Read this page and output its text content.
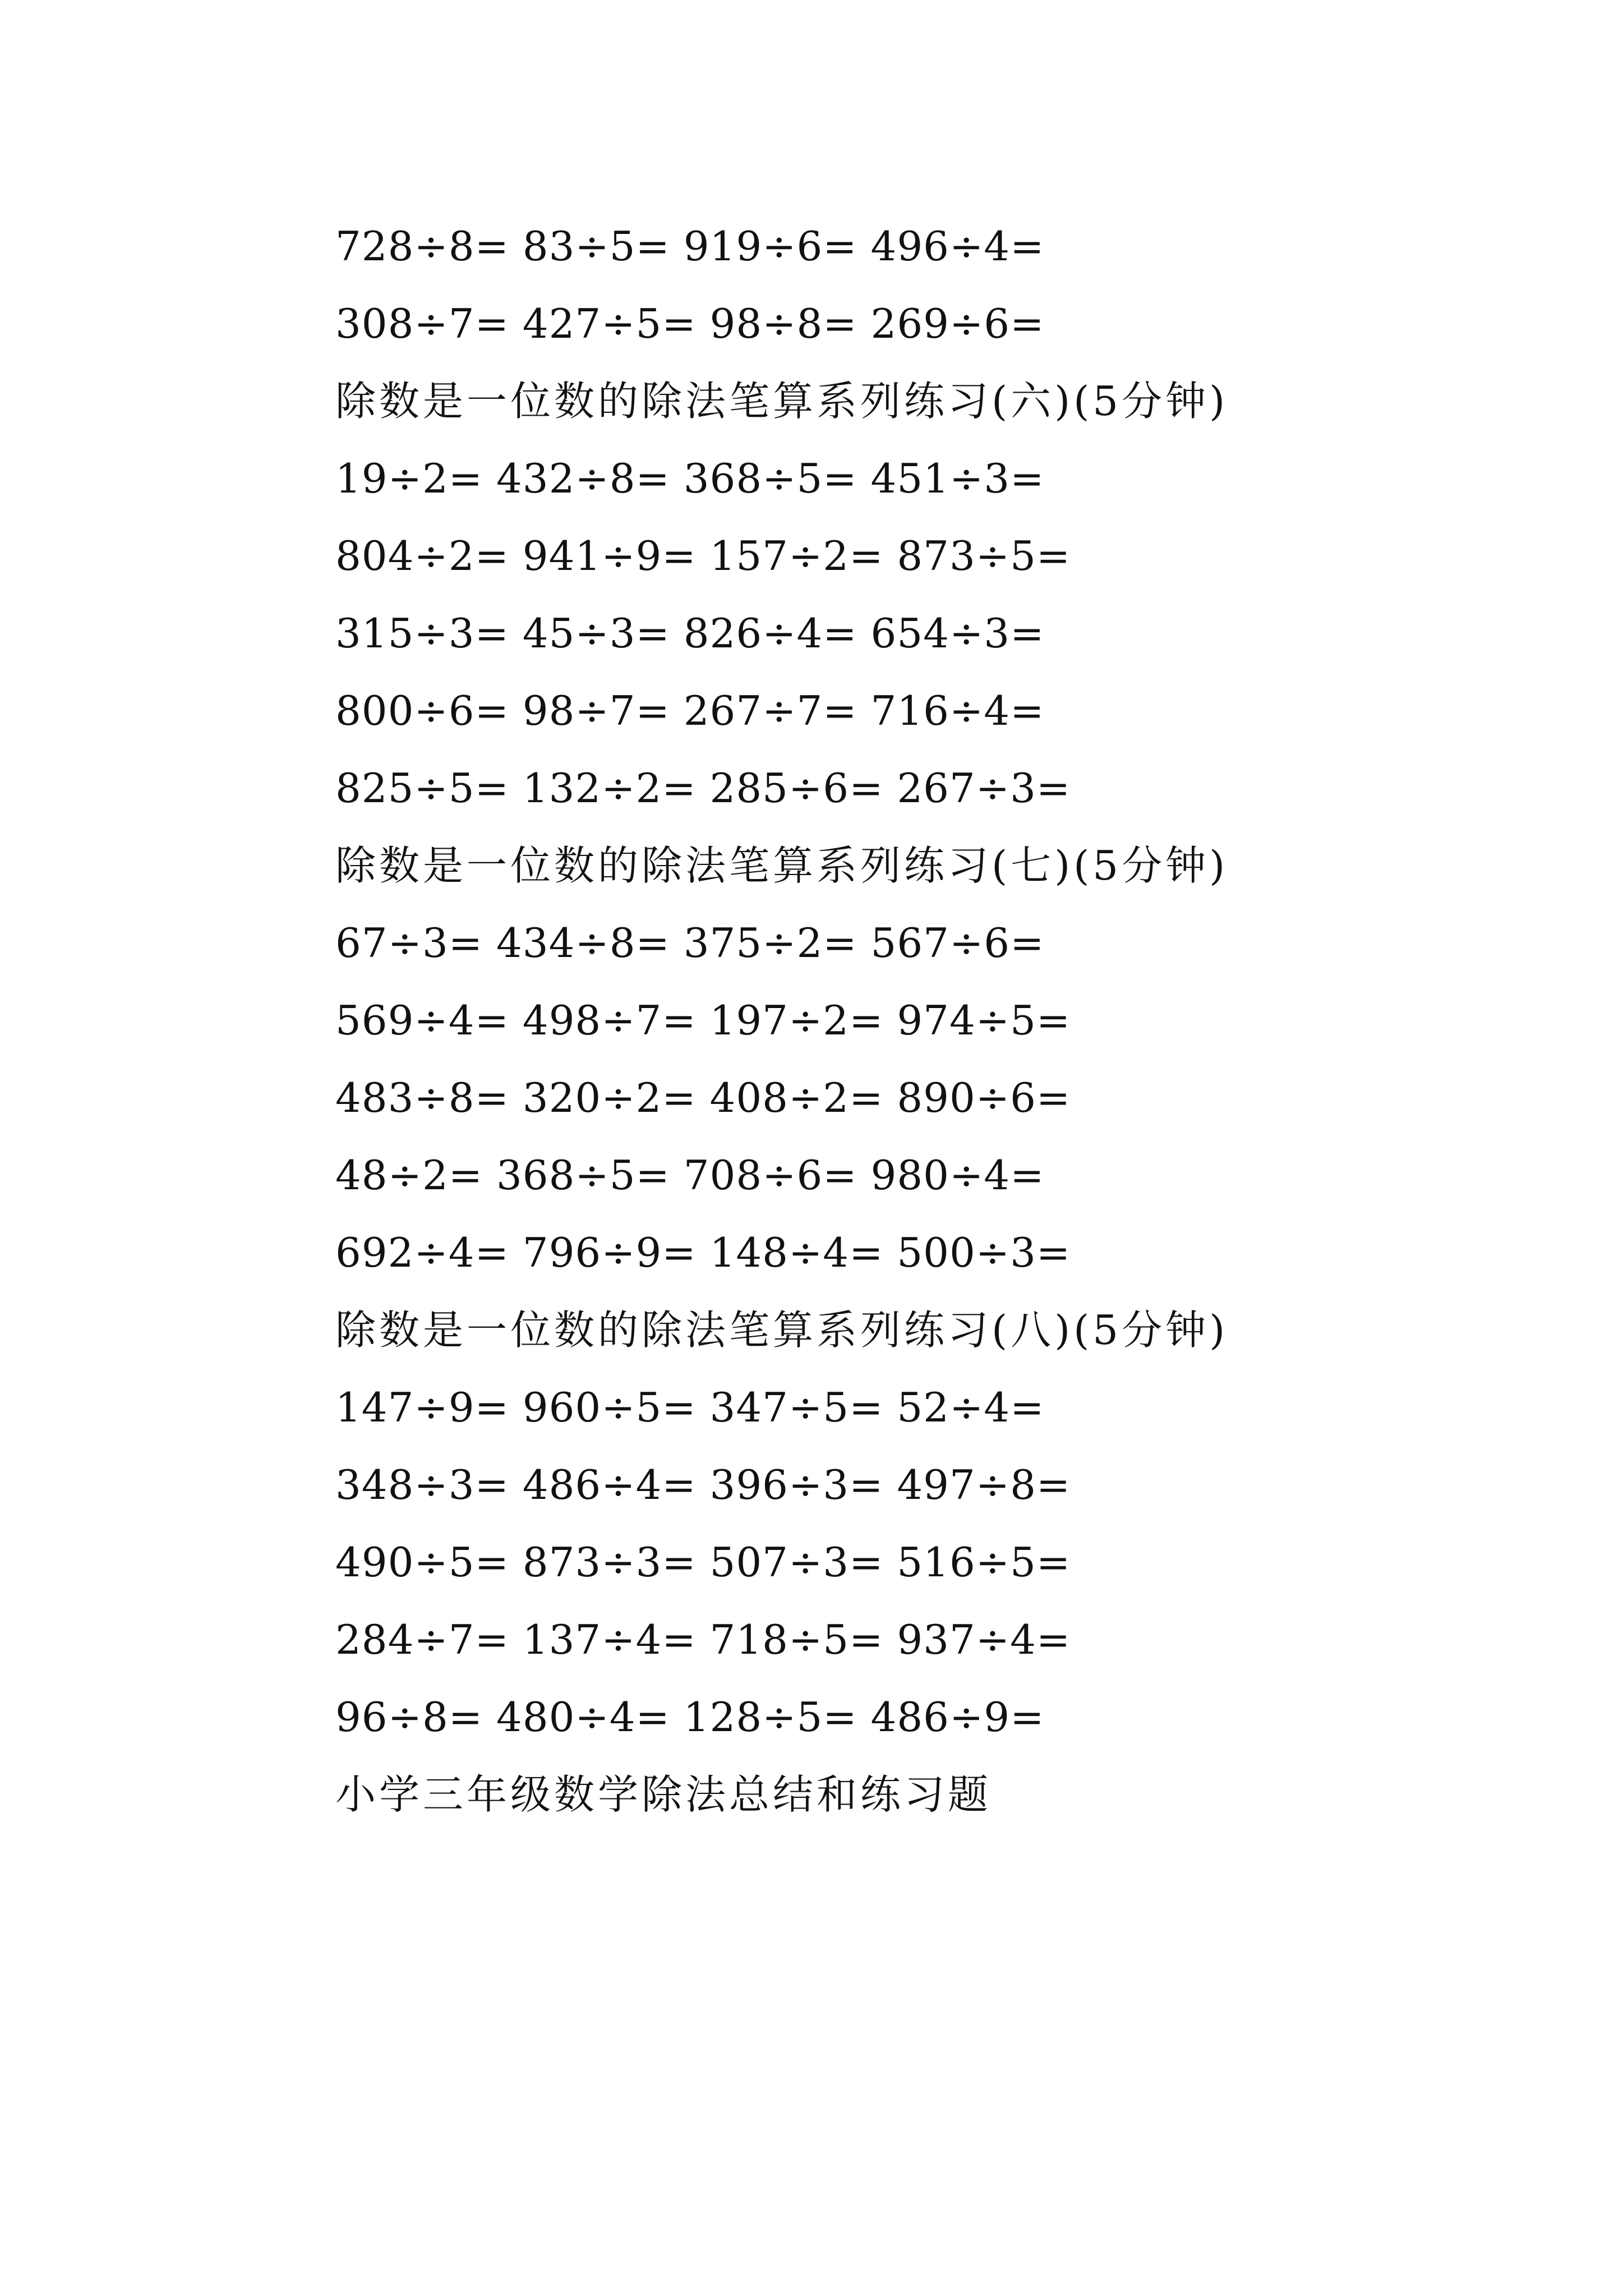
728÷8= 83÷5= 919÷6= 496÷4=
308÷7= 427÷5= 98÷8= 269÷6=
除数是一位数的除法笔算系列练习(六)(5分钟)
19÷2= 432÷8= 368÷5= 451÷3=
804÷2= 941÷9= 157÷2= 873÷5=
315÷3= 45÷3= 826÷4= 654÷3=
800÷6= 98÷7= 267÷7= 716÷4=
825÷5= 132÷2= 285÷6= 267÷3=
除数是一位数的除法笔算系列练习(七)(5分钟)
67÷3= 434÷8= 375÷2= 567÷6=
569÷4= 498÷7= 197÷2= 974÷5=
483÷8= 320÷2= 408÷2= 890÷6=
48÷2= 368÷5= 708÷6= 980÷4=
692÷4= 796÷9= 148÷4= 500÷3=
除数是一位数的除法笔算系列练习(八)(5分钟)
147÷9= 960÷5= 347÷5= 52÷4=
348÷3= 486÷4= 396÷3= 497÷8=
490÷5= 873÷3= 507÷3= 516÷5=
284÷7= 137÷4= 718÷5= 937÷4=
96÷8= 480÷4= 128÷5= 486÷9=
小学三年级数学除法总结和练习题
